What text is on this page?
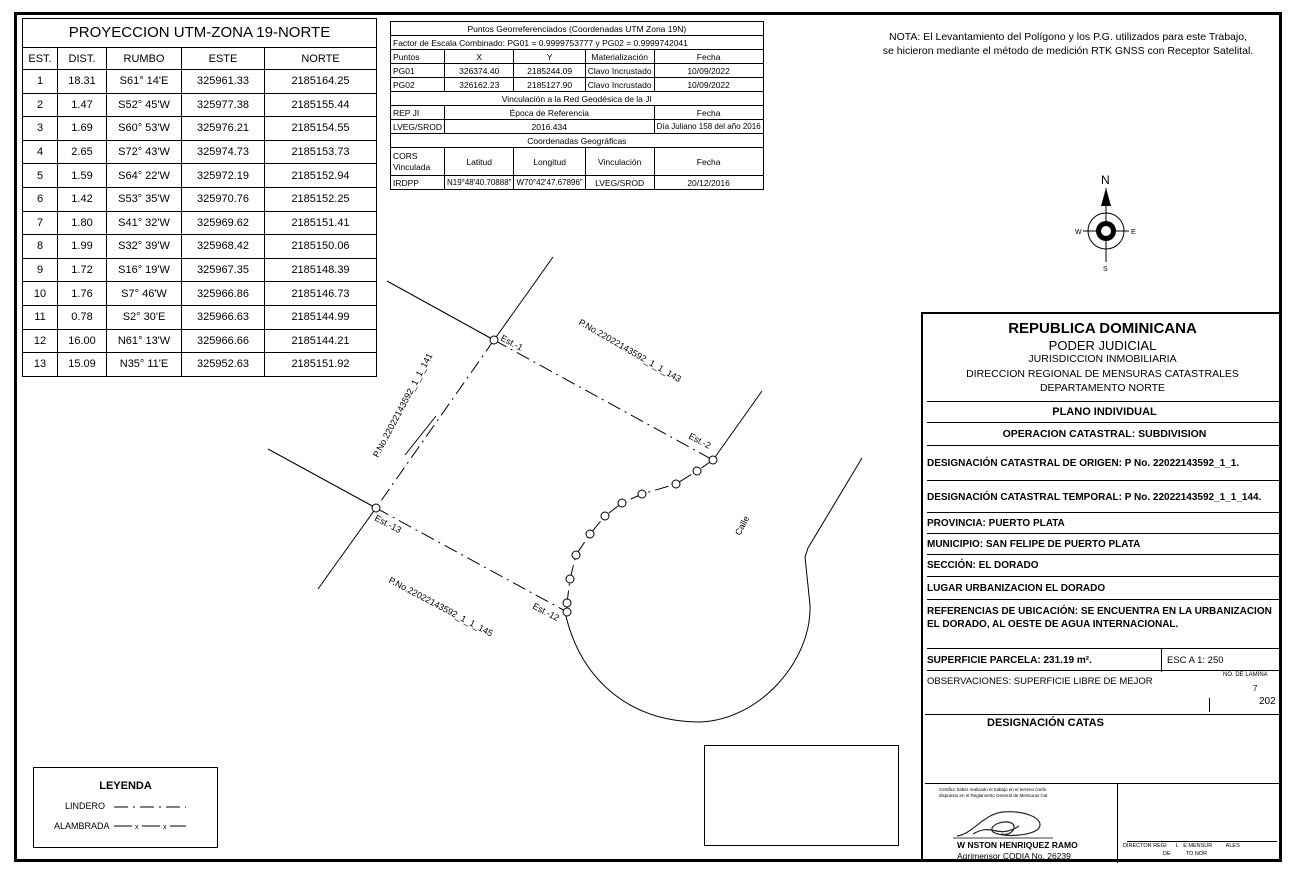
PROYECCION UTM-ZONA 19-NORTE
EST.	DIST.	RUMBO	ESTE	NORTE
1	18.31	S61° 14'E	325961.33	2185164.25
2	1.47	S52° 45'W	325977.38	2185155.44
3	1.69	S60° 53'W	325976.21	2185154.55
4	2.65	S72° 43'W	325974.73	2185153.73
5	1.59	S64° 22'W	325972.19	2185152.94
6	1.42	S53° 35'W	325970.76	2185152.25
7	1.80	S41° 32'W	325969.62	2185151.41
8	1.99	S32° 39'W	325968.42	2185150.06
9	1.72	S16° 19'W	325967.35	2185148.39
10	1.76	S7° 46'W	325966.86	2185146.73
11	0.78	S2° 30'E	325966.63	2185144.99
12	16.00	N61° 13'W	325966.66	2185144.21
13	15.09	N35° 11'E	325952.63	2185151.92
Puntos Georreferenciados (Coordenadas UTM Zona 19N)				
Factor de Escala Combinado: PG01 = 0.9999753777 y PG02 = 0.9999742041				
Puntos	X	Y	Materialización	Fecha
PG01	326374.40	2185244.09	Clavo Incrustado	10/09/2022
PG02	326162.23	2185127.90	Clavo Incrustado	10/09/2022
Vinculación a la Red Geodésica de la JI				
REP JI	Época de Referencia			Fecha
LVEG/SROD	2016.434			Día Juliano 158 del año 2016
Coordenadas Geográficas				
CORS Vinculada	Latitud	Longitud	Vinculación	Fecha
IRDPP	N19°48'40.70888"	W70°42'47.67896"	LVEG/SROD	20/12/2016
NOTA: El Levantamiento del Polígono y los P.G. utilizados para este Trabajo,
se hicieron mediante el método de medición RTK GNSS con Receptor Satelital.
N
S
E
W
P.No.22022143592_1_1_143
P.No.22022143592_1_1_141
P.No.22022143592_1_1_145
Est.-1
Est.-2
Est.-12
Est.-13	Calle
LEYENDA
LINDERO
ALAMBRADA	x	x
REPUBLICA DOMINICANA
PODER JUDICIAL
JURISDICCION INMOBILIARIA
DIRECCION REGIONAL DE MENSURAS CATASTRALES
DEPARTAMENTO NORTE
PLANO INDIVIDUAL
OPERACION CATASTRAL: SUBDIVISION
DESIGNACIÓN CATASTRAL DE ORIGEN: P No. 22022143592_1_1.
DESIGNACIÓN CATASTRAL TEMPORAL: P No. 22022143592_1_1_144.
PROVINCIA: PUERTO PLATA
MUNICIPIO: SAN FELIPE DE PUERTO PLATA
SECCIÓN: EL DORADO
LUGAR URBANIZACION EL DORADO
REFERENCIAS DE UBICACIÓN: SE ENCUENTRA EN LA URBANIZACION EL DORADO, AL OESTE DE AGUA INTERNACIONAL.
SUPERFICIE PARCELA: 231.19 m².	ESC A 1: 250
OBSERVACIONES: SUPERFICIE LIBRE DE MEJOR
NO. DE LAMINA
7
202
DESIGNACIÓN CATAS
Certifico haber realizado el trabajo en el terreno confo
dispuesto en el Reglamento General de Mensuras Cat
W NSTON HENRIQUEZ RAMO
Agrimensor CODIA No. 26239
DIRECTOR REGI      L   E MENSUR         ALES
DE          TO NOR
